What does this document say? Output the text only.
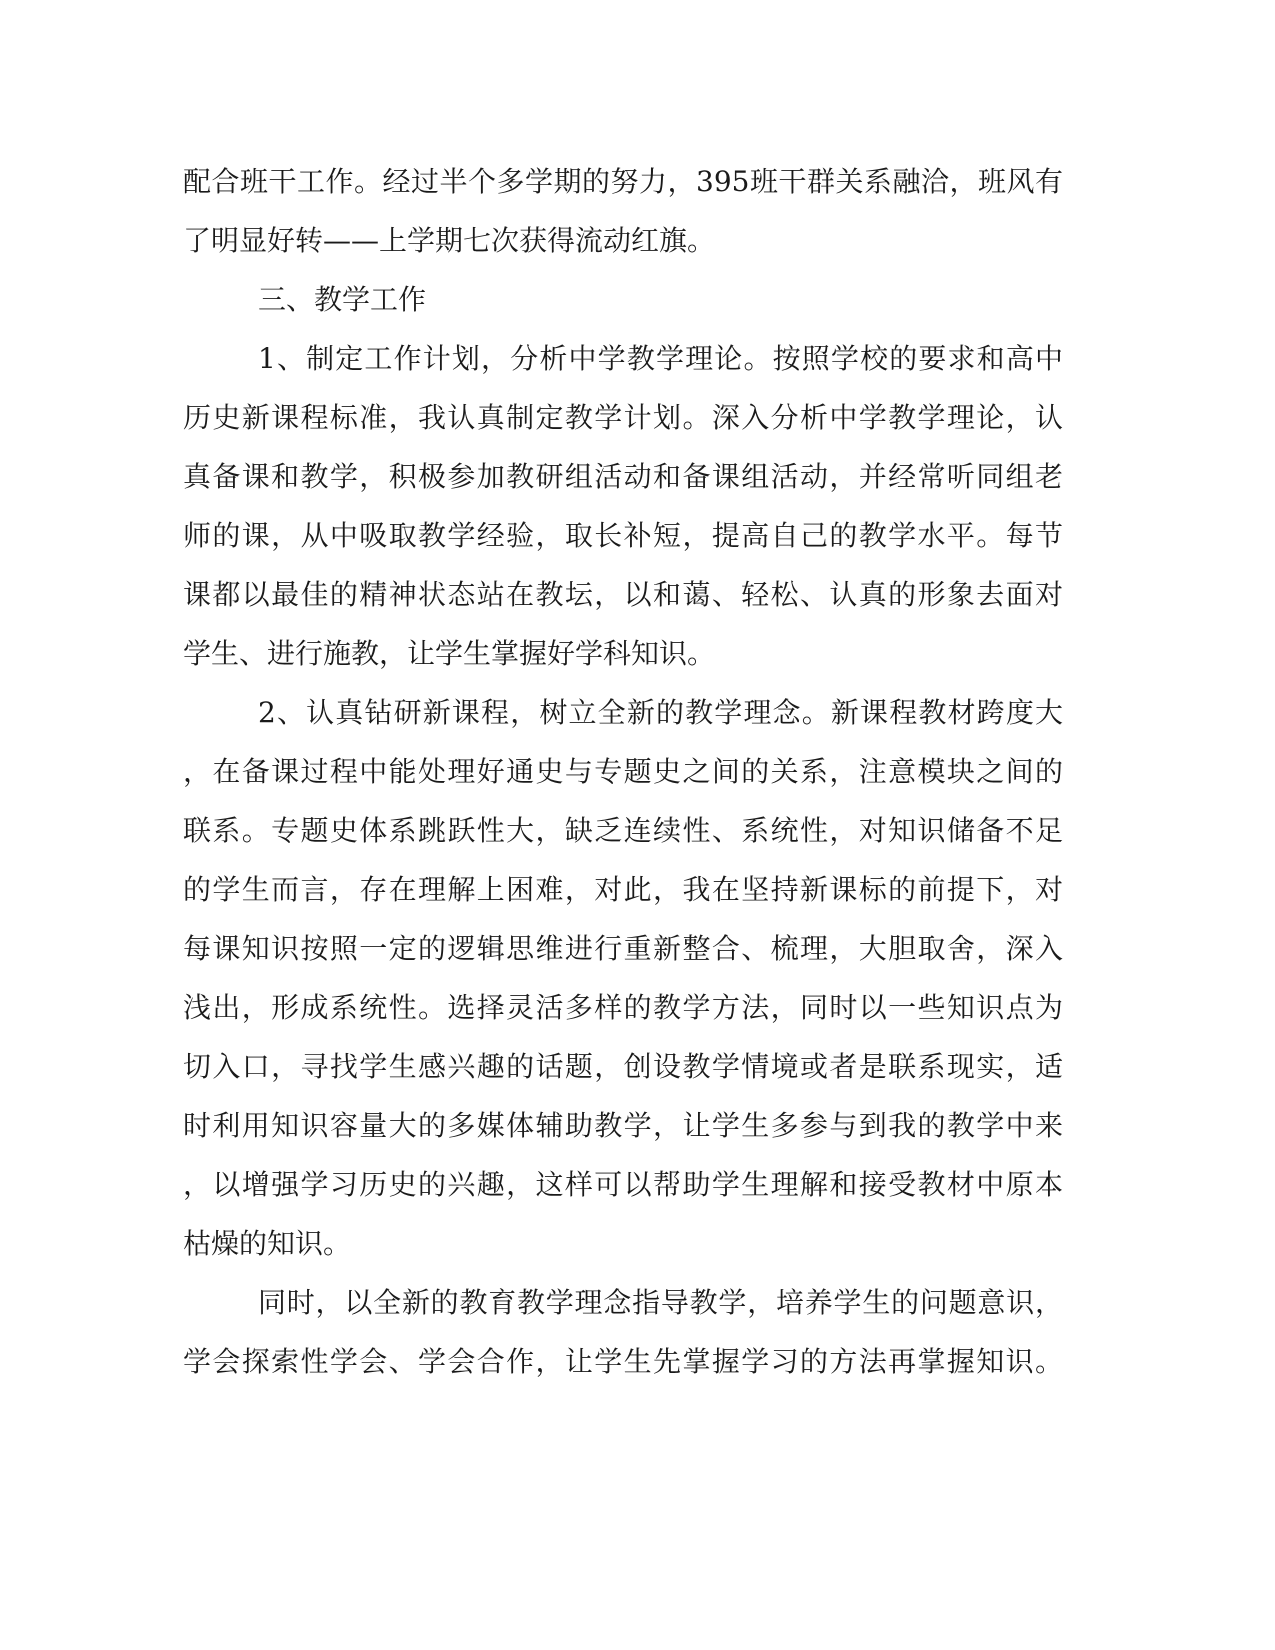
配合班干工作。经过半个多学期的努力，395班干群关系融洽，班风有
了明显好转——上学期七次获得流动红旗。
三、教学工作
1、制定工作计划，分析中学教学理论。按照学校的要求和高中
历史新课程标准，我认真制定教学计划。深入分析中学教学理论，认
真备课和教学，积极参加教研组活动和备课组活动，并经常听同组老
师的课，从中吸取教学经验，取长补短，提高自己的教学水平。每节
课都以最佳的精神状态站在教坛，以和蔼、轻松、认真的形象去面对
学生、进行施教，让学生掌握好学科知识。
2、认真钻研新课程，树立全新的教学理念。新课程教材跨度大
，在备课过程中能处理好通史与专题史之间的关系，注意模块之间的
联系。专题史体系跳跃性大，缺乏连续性、系统性，对知识储备不足
的学生而言，存在理解上困难，对此，我在坚持新课标的前提下，对
每课知识按照一定的逻辑思维进行重新整合、梳理，大胆取舍，深入
浅出，形成系统性。选择灵活多样的教学方法，同时以一些知识点为
切入口，寻找学生感兴趣的话题，创设教学情境或者是联系现实，适
时利用知识容量大的多媒体辅助教学，让学生多参与到我的教学中来
，以增强学习历史的兴趣，这样可以帮助学生理解和接受教材中原本
枯燥的知识。
同时，以全新的教育教学理念指导教学，培养学生的问题意识，
学会探索性学会、学会合作，让学生先掌握学习的方法再掌握知识。
